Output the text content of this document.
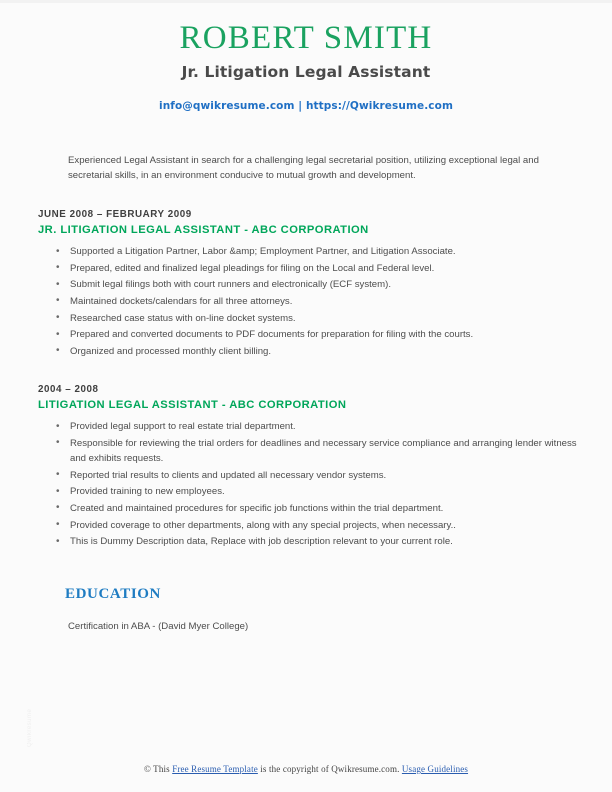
ROBERT SMITH
Jr. Litigation Legal Assistant
info@qwikresume.com | https://Qwikresume.com

Experienced Legal Assistant in search for a challenging legal secretarial position, utilizing exceptional legal and secretarial skills, in an environment conducive to mutual growth and development.

JUNE 2008 – FEBRUARY 2009
JR. LITIGATION LEGAL ASSISTANT - ABC CORPORATION
• Supported a Litigation Partner, Labor &amp; Employment Partner, and Litigation Associate.
• Prepared, edited and finalized legal pleadings for filing on the Local and Federal level.
• Submit legal filings both with court runners and electronically (ECF system).
• Maintained dockets/calendars for all three attorneys.
• Researched case status with on-line docket systems.
• Prepared and converted documents to PDF documents for preparation for filing with the courts.
• Organized and processed monthly client billing.
2004 – 2008
LITIGATION LEGAL ASSISTANT - ABC CORPORATION
• Provided legal support to real estate trial department.
• Responsible for reviewing the trial orders for deadlines and necessary service compliance and arranging lender witness and exhibits requests.
• Reported trial results to clients and updated all necessary vendor systems.
• Provided training to new employees.
• Created and maintained procedures for specific job functions within the trial department.
• Provided coverage to other departments, along with any special projects, when necessary..
• This is Dummy Description data, Replace with job description relevant to your current role.
EDUCATION
Certification in ABA - (David Myer College)
Qwikresume
© This Free Resume Template is the copyright of Qwikresume.com. Usage Guidelines
